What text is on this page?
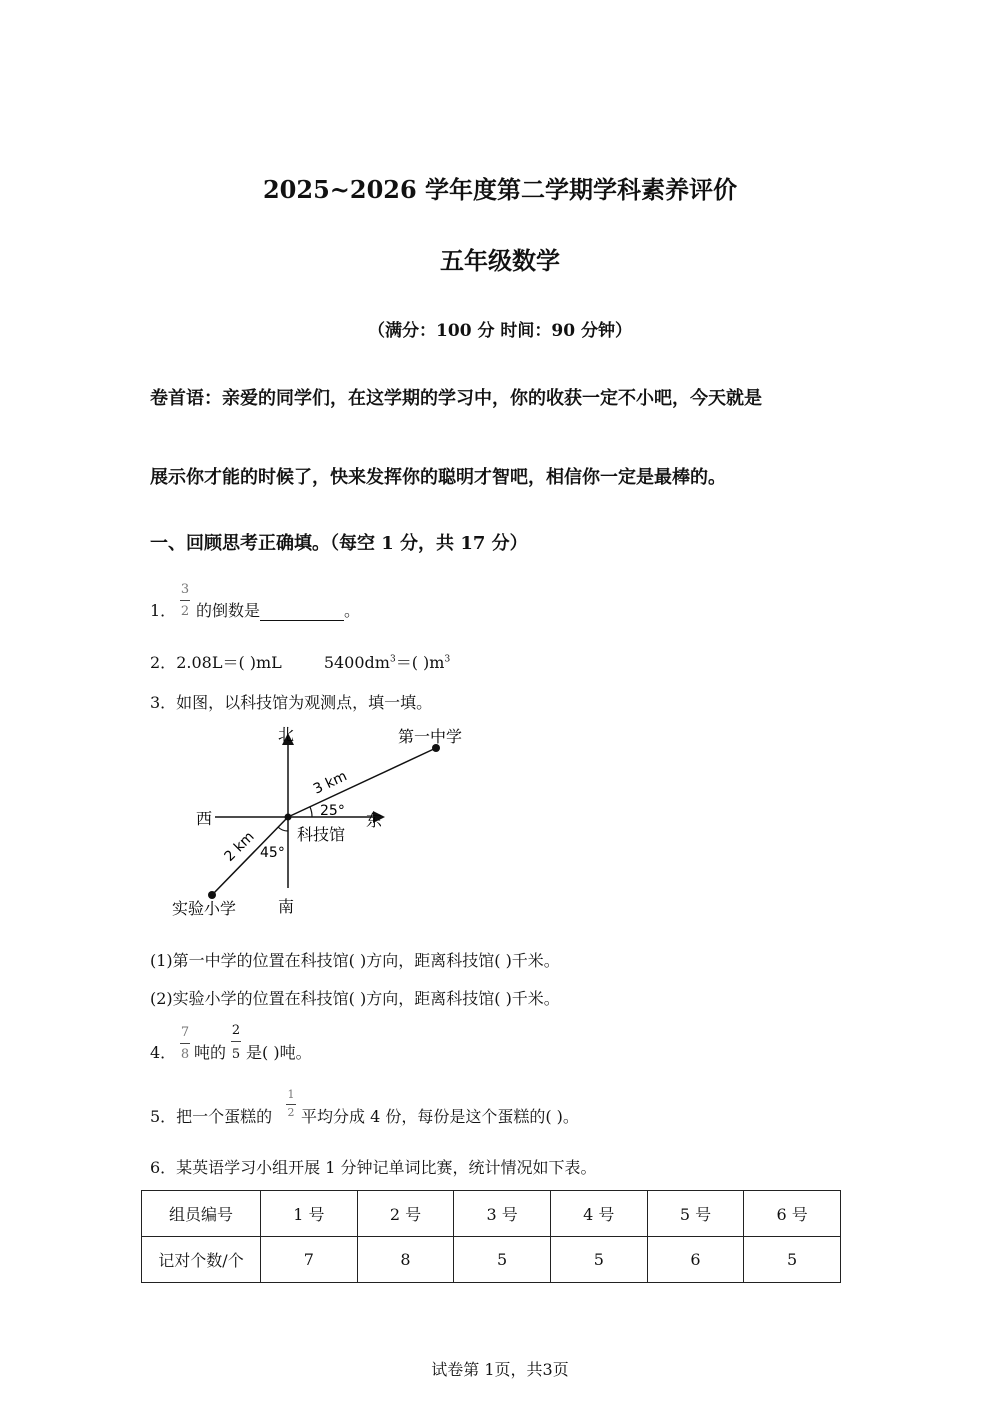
2025~2026 学年度第二学期学科素养评价
五年级数学
（满分：100 分 时间：90 分钟）
卷首语：亲爱的同学们，在这学期的学习中，你的收获一定不小吧，今天就是
展示你才能的时候了，快来发挥你的聪明才智吧，相信你一定是最棒的。
一、回顾思考正确填。（每空 1 分，共 17 分）
1．
3
2 的倒数是	。
2．2.08L＝( )mL	$5400dm^3=$( )$m^3$
3．如图，以科技馆为观测点，填一填。
北
南
东
西
科技馆
第一中学
实验小学
3 km
2 km
25°
45°
(1)第一中学的位置在科技馆( )方向，距离科技馆( )千米。
(2)实验小学的位置在科技馆( )方向，距离科技馆( )千米。
4．
7
8 吨的
2
5 是( )吨。
5．把一个蛋糕的
1
2 平均分成 4 份，每份是这个蛋糕的( )。
6．某英语学习小组开展 1 分钟记单词比赛，统计情况如下表。
组员编号	1 号	2 号	3 号	4 号	5 号	6 号
记对个数/个	7	8	5	5	6	5
试卷第 1页，共3页
